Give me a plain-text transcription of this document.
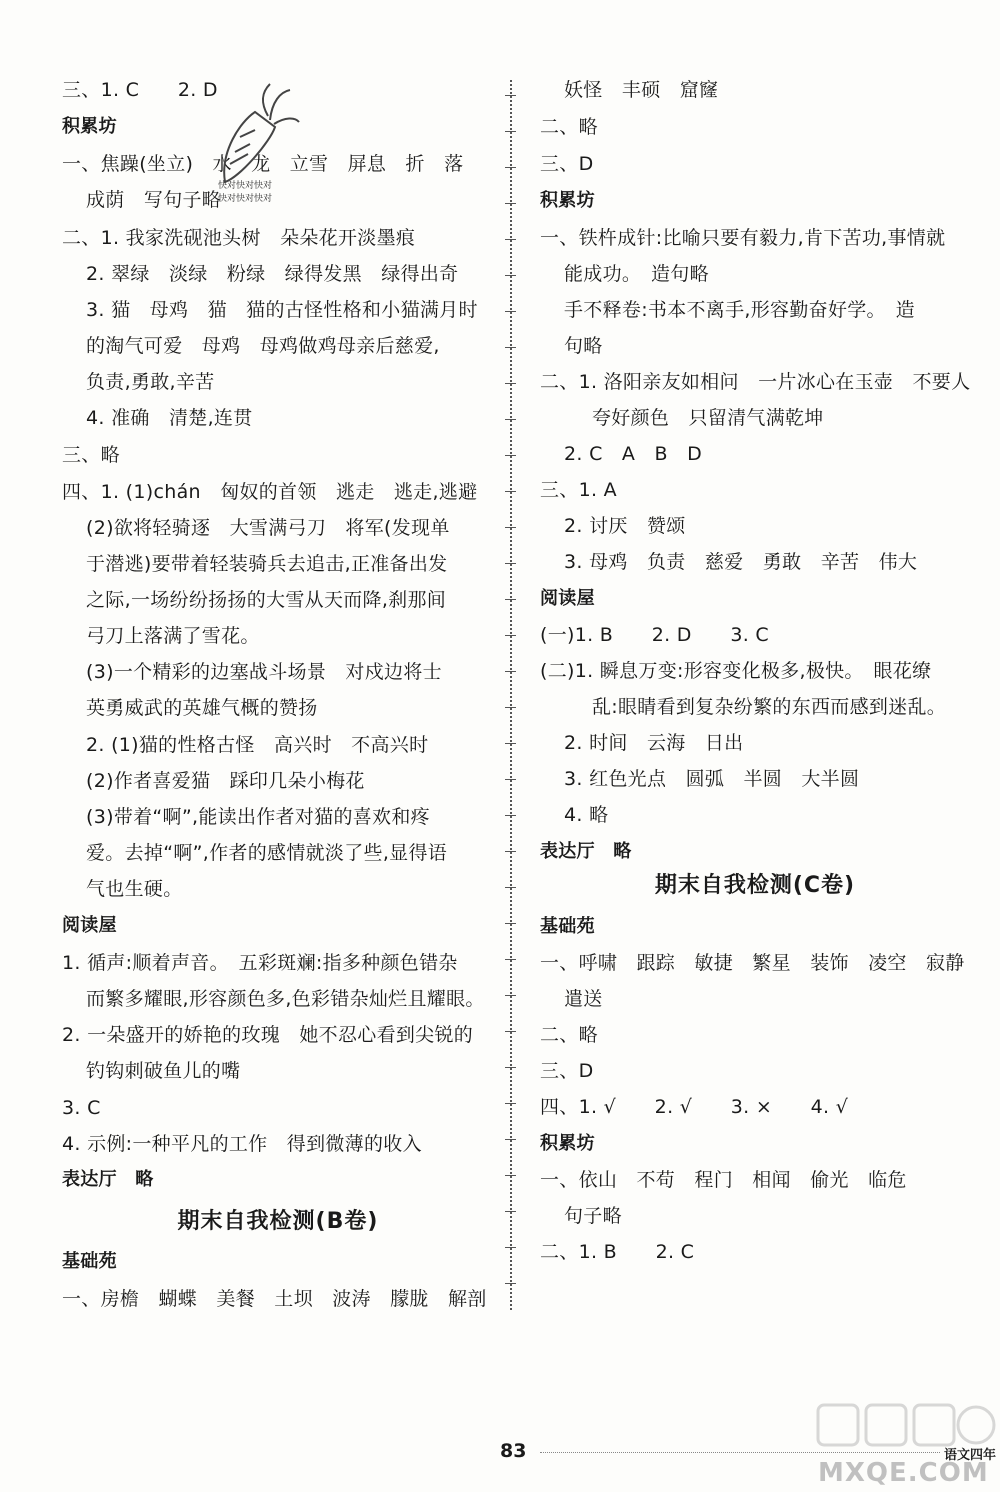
三、1. C　　2. D
积累坊
一、焦躁(坐立)　水　龙　立雪　屏息　折　落
成荫　写句子略
二、1. 我家洗砚池头树　朵朵花开淡墨痕
2. 翠绿　淡绿　粉绿　绿得发黑　绿得出奇
3. 猫　母鸡　猫　猫的古怪性格和小猫满月时
的淘气可爱　母鸡　母鸡做鸡母亲后慈爱,
负责,勇敢,辛苦
4. 准确　清楚,连贯
三、略
四、1. (1)chán　匈奴的首领　逃走　逃走,逃避
(2)欲将轻骑逐　大雪满弓刀　将军(发现单
于潜逃)要带着轻装骑兵去追击,正准备出发
之际,一场纷纷扬扬的大雪从天而降,刹那间
弓刀上落满了雪花。
(3)一个精彩的边塞战斗场景　对戍边将士
英勇威武的英雄气概的赞扬
2. (1)猫的性格古怪　高兴时　不高兴时
(2)作者喜爱猫　踩印几朵小梅花
(3)带着“啊”,能读出作者对猫的喜欢和疼
爱。去掉“啊”,作者的感情就淡了些,显得语
气也生硬。
阅读屋
1. 循声:顺着声音。　五彩斑斓:指多种颜色错杂
而繁多耀眼,形容颜色多,色彩错杂灿烂且耀眼。
2. 一朵盛开的娇艳的玫瑰　她不忍心看到尖锐的
钓钩刺破鱼儿的嘴
3. C
4. 示例:一种平凡的工作　得到微薄的收入
表达厅　略
基础苑
一、房檐　蝴蝶　美餐　土坝　波涛　朦胧　解剖
期末自我检测(B卷)
妖怪　丰硕　窟窿
二、略
三、D
积累坊
一、铁杵成针:比喻只要有毅力,肯下苦功,事情就
能成功。　造句略
手不释卷:书本不离手,形容勤奋好学。　造
句略
二、1. 洛阳亲友如相问　一片冰心在玉壶　不要人
夸好颜色　只留清气满乾坤
2. C　A　B　D
三、1. A
2. 讨厌　赞颂
3. 母鸡　负责　慈爱　勇敢　辛苦　伟大
阅读屋
(一)1. B　　2. D　　3. C
(二)1. 瞬息万变:形容变化极多,极快。　眼花缭
乱:眼睛看到复杂纷繁的东西而感到迷乱。
2. 时间　云海　日出
3. 红色光点　圆弧　半圆　大半圆
4. 略
表达厅　略
基础苑
一、呼啸　跟踪　敏捷　繁星　装饰　凌空　寂静
遣送
二、略
三、D
四、1. √　　2. √　　3. ×　　4. √
积累坊
一、依山　不苟　程门　相闻　偷光　临危
句子略
二、1. B　　2. C
期末自我检测(C卷)
快对快对快对
快对快对快对
83	语文四年
MXQE.COM
